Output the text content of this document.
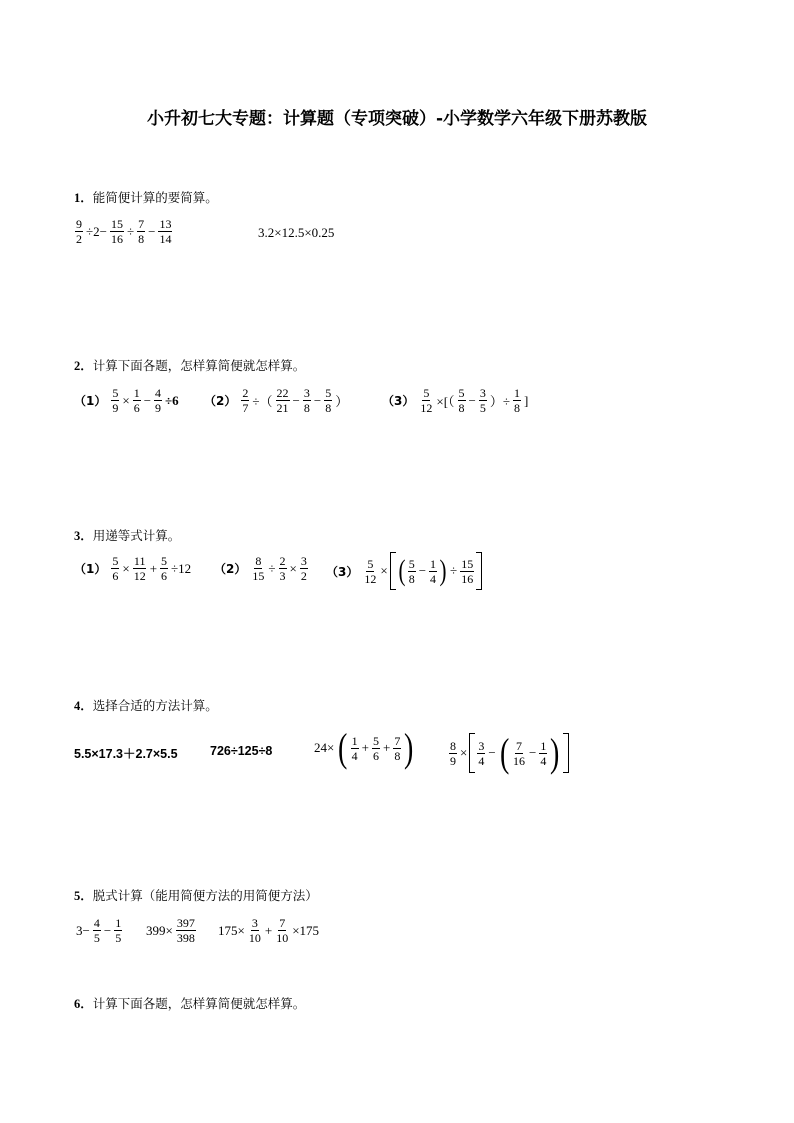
小升初七大专题：计算题（专项突破）-小学数学六年级下册苏教版
1．能简便计算的要简算。
$\frac{9}{2} \div 2- \frac{15}{16} \div \frac{7}{8} - \frac{13}{14}$	3.2×12.5×0.25
2．计算下面各题，怎样算简便就怎样算。
$(1) \frac{5}{9} \times \frac{1}{6} - \frac{4}{9} \div 6$ $(2) \frac{2}{7}$ ÷（ $\frac{22}{21} - \frac{3}{8} - \frac{5}{8}$ ）	$(3) \frac{5}{12}$ ×[（ $\frac{5}{8} - \frac{3}{5}$ ）÷ $\frac{1}{8}$ ]
3．用递等式计算。
$(1) \frac{5}{6} \times \frac{11}{12} + \frac{5}{6} \div 12$ $(2) \frac{8}{15} \div \frac{2}{3} \times \frac{3}{2} (3) \frac{5}{12}$ × ( $\frac{5}{8} - \frac{1}{4}$ ) ÷ $\frac{15}{16}$
4．选择合适的方法计算。
5.5×17.3＋2.7×5.5	726÷125÷8	24× ( $\frac{1}{4} + \frac{5}{6} + \frac{7}{8}$ )	$\frac{8}{9} \times \frac{3}{4}$ − ( $\frac{7}{16} - \frac{1}{4}$ )
5．脱式计算（能用简便方法的用简便方法）
$3- \frac{4}{5} - \frac{1}{5} 399\times \frac{397}{398} 175\times \frac{3}{10} + \frac{7}{10} \times 175$
6．计算下面各题，怎样算简便就怎样算。
